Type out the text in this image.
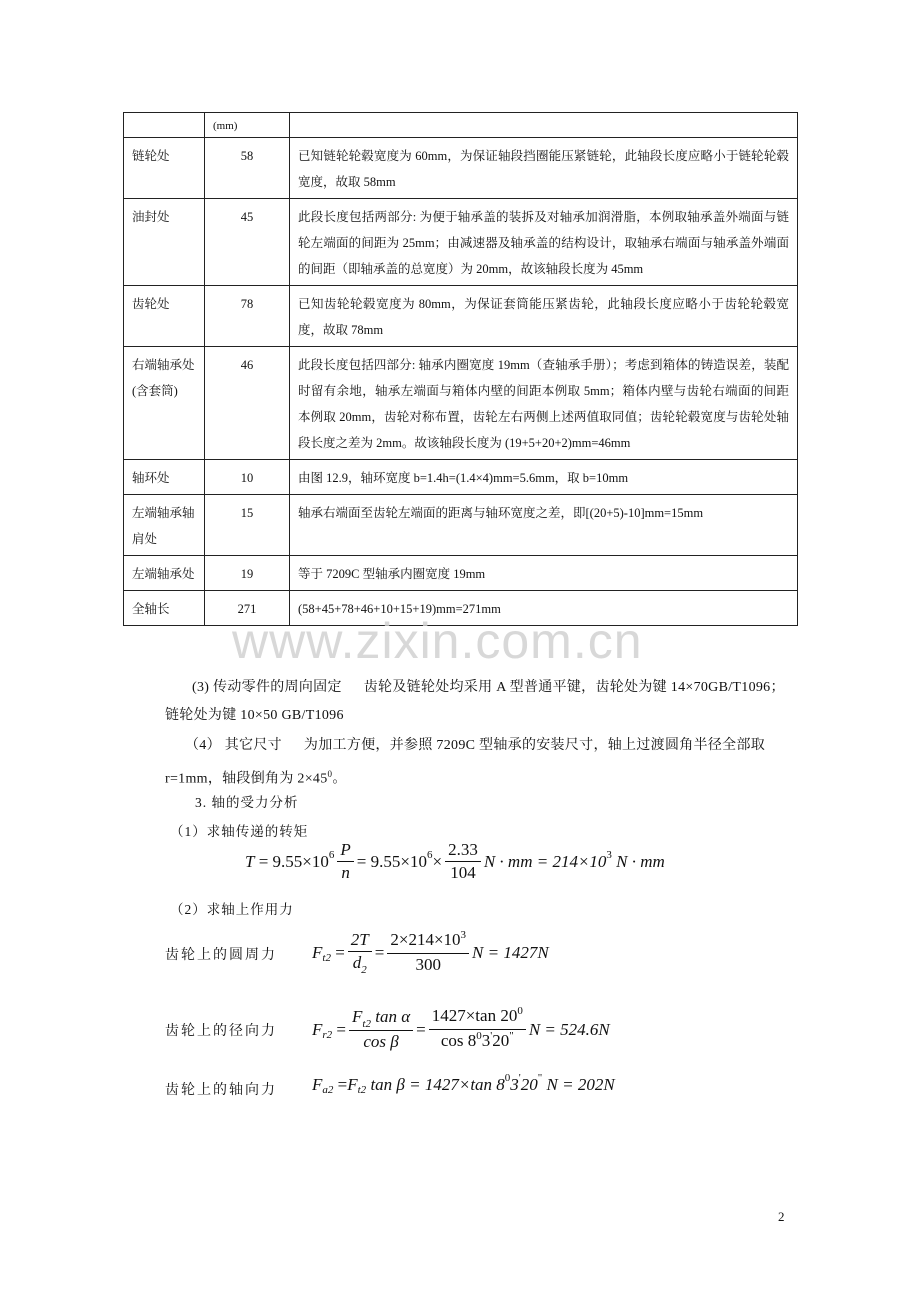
	(mm)	
链轮处	58	已知链轮轮毂宽度为 60mm，为保证轴段挡圈能压紧链轮，此轴段长度应略小于链轮轮毂宽度，故取 58mm
油封处	45	此段长度包括两部分: 为便于轴承盖的装拆及对轴承加润滑脂，本例取轴承盖外端面与链轮左端面的间距为 25mm；由减速器及轴承盖的结构设计，取轴承右端面与轴承盖外端面的间距（即轴承盖的总宽度）为 20mm，故该轴段长度为 45mm
齿轮处	78	已知齿轮轮毂宽度为 80mm，为保证套筒能压紧齿轮，此轴段长度应略小于齿轮轮毂宽度，故取 78mm
右端轴承处(含套筒)	46	此段长度包括四部分: 轴承内圈宽度 19mm（查轴承手册）；考虑到箱体的铸造误差，装配时留有余地，轴承左端面与箱体内壁的间距本例取 5mm；箱体内壁与齿轮右端面的间距本例取 20mm，齿轮对称布置，齿轮左右两侧上述两值取同值；齿轮轮毂宽度与齿轮处轴段长度之差为 2mm。故该轴段长度为 (19+5+20+2)mm=46mm
轴环处	10	由图 12.9，轴环宽度 b=1.4h=(1.4×4)mm=5.6mm，取 b=10mm
左端轴承轴肩处	15	轴承右端面至齿轮左端面的距离与轴环宽度之差，即[(20+5)-10]mm=15mm
左端轴承处	19	等于 7209C 型轴承内圈宽度 19mm
全轴长	271	(58+45+78+46+10+15+19)mm=271mm
www.zixin.com.cn
(3) 传动零件的周向固定 齿轮及链轮处均采用 A 型普通平键，齿轮处为键 14×70GB/T1096；链轮处为键 10×50 GB/T1096
（4） 其它尺寸 为加工方便，并参照 7209C 型轴承的安装尺寸，轴上过渡圆角半径全部取 r=1mm，轴段倒角为 $2\times 45^0$。
3. 轴的受力分析
（1）求轴传递的转矩
T
= 9.55×10 $6 \frac{P}{n} = 9.55\times 10$ $6 \times \frac{2.33}{104}$ N · mm = 214×10 3
N · mm
（2）求轴上作用力
齿轮上的圆周力 F t2
= $\frac{2T}{d_2} = \frac{2\times 214\times 10^3}{300}$ N = 1427N
齿轮上的径向力 F r2
= $\frac{F_{t2} \tan \alpha}{\text{cos β}} = \frac{1427\times\tan 20^0}{\cos 8^03'20^"}$ N = 524.6N
齿轮上的轴向力 F a2
= F t2
tan β = 1427×tan 8 0 3 ' 20 "
N = 202N
2
